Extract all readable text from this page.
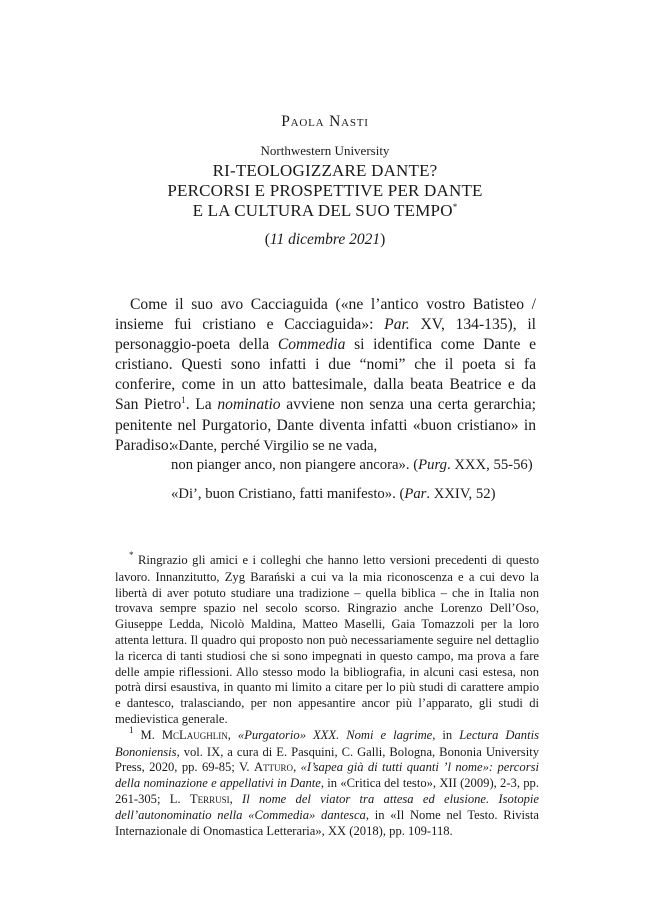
Paola Nasti
Northwestern University
RI-TEOLOGIZZARE DANTE?
PERCORSI E PROSPETTIVE PER DANTE
E LA CULTURA DEL SUO TEMPO*
(11 dicembre 2021)

Come il suo avo Cacciaguida («ne l’antico vostro Batisteo / insieme fui cristiano e Cacciaguida»: Par. XV, 134-135), il personaggio-poeta della Commedia si identifica come Dante e cristiano. Questi sono infatti i due “nomi” che il poeta si fa conferire, come in un atto battesimale, dalla beata Beatrice e da San Pietro$^1$. La nominatio avviene non senza una certa gerarchia; penitente nel Purgatorio, Dante diventa infatti «buon cristiano» in Paradiso:

«Dante, perché Virgilio se ne vada,
non pianger anco, non piangere ancora». (Purg. XXX, 55-56)
«Di’, buon Cristiano, fatti manifesto». (Par. XXIV, 52)

* Ringrazio gli amici e i colleghi che hanno letto versioni precedenti di questo lavoro. Innanzitutto, Zyg Barański a cui va la mia riconoscenza e a cui devo la libertà di aver potuto studiare una tradizione – quella biblica – che in Italia non trovava sempre spazio nel secolo scorso. Ringrazio anche Lorenzo Dell’Oso, Giuseppe Ledda, Nicolò Maldina, Matteo Maselli, Gaia Tomazzoli per la loro attenta lettura. Il quadro qui proposto non può necessariamente seguire nel dettaglio la ricerca di tanti studiosi che si sono impegnati in questo campo, ma prova a fare delle ampie riflessioni. Allo stesso modo la bibliografia, in alcuni casi estesa, non potrà dirsi esaustiva, in quanto mi limito a citare per lo più studi di carattere ampio e dantesco, tralasciando, per non appesantire ancor più l’apparato, gli studi di medievistica generale.

$^1$ M. McLaughlin, «Purgatorio» XXX. Nomi e lagrime, in Lectura Dantis Bononiensis, vol. IX, a cura di E. Pasquini, C. Galli, Bologna, Bononia University Press, 2020, pp. 69-85; V. Atturo, «I’sapea già di tutti quanti ’l nome»: percorsi della nominazione e appellativi in Dante, in «Critica del testo», XII (2009), 2-3, pp. 261-305; L. Terrusi, Il nome del viator tra attesa ed elusione. Isotopie dell’autonominatio nella «Commedia» dantesca, in «Il Nome nel Testo. Rivista Internazionale di Onomastica Letteraria», XX (2018), pp. 109-118.
